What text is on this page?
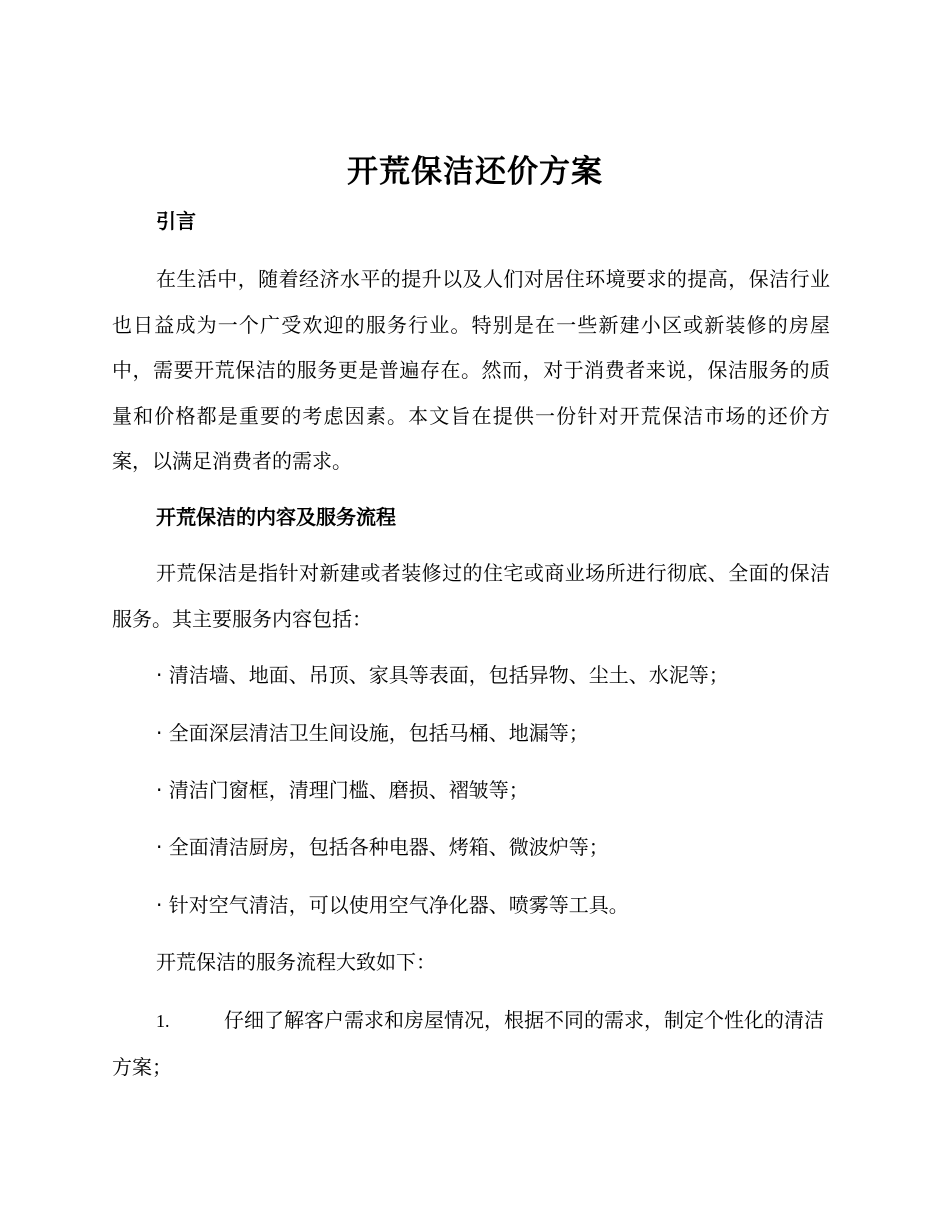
开荒保洁还价方案
引言

在生活中，随着经济水平的提升以及人们对居住环境要求的提高，保洁行业也日益成为一个广受欢迎的服务行业。特别是在一些新建小区或新装修的房屋中，需要开荒保洁的服务更是普遍存在。然而，对于消费者来说，保洁服务的质量和价格都是重要的考虑因素。本文旨在提供一份针对开荒保洁市场的还价方案，以满足消费者的需求。

开荒保洁的内容及服务流程

开荒保洁是指针对新建或者装修过的住宅或商业场所进行彻底、全面的保洁服务。其主要服务内容包括：

· 清洁墙、地面、吊顶、家具等表面，包括异物、尘土、水泥等；
· 全面深层清洁卫生间设施，包括马桶、地漏等；
· 清洁门窗框，清理门槛、磨损、褶皱等；
· 全面清洁厨房，包括各种电器、烤箱、微波炉等；
· 针对空气清洁，可以使用空气净化器、喷雾等工具。
开荒保洁的服务流程大致如下：

1.	仔细了解客户需求和房屋情况，根据不同的需求，制定个性化的清洁方案；
